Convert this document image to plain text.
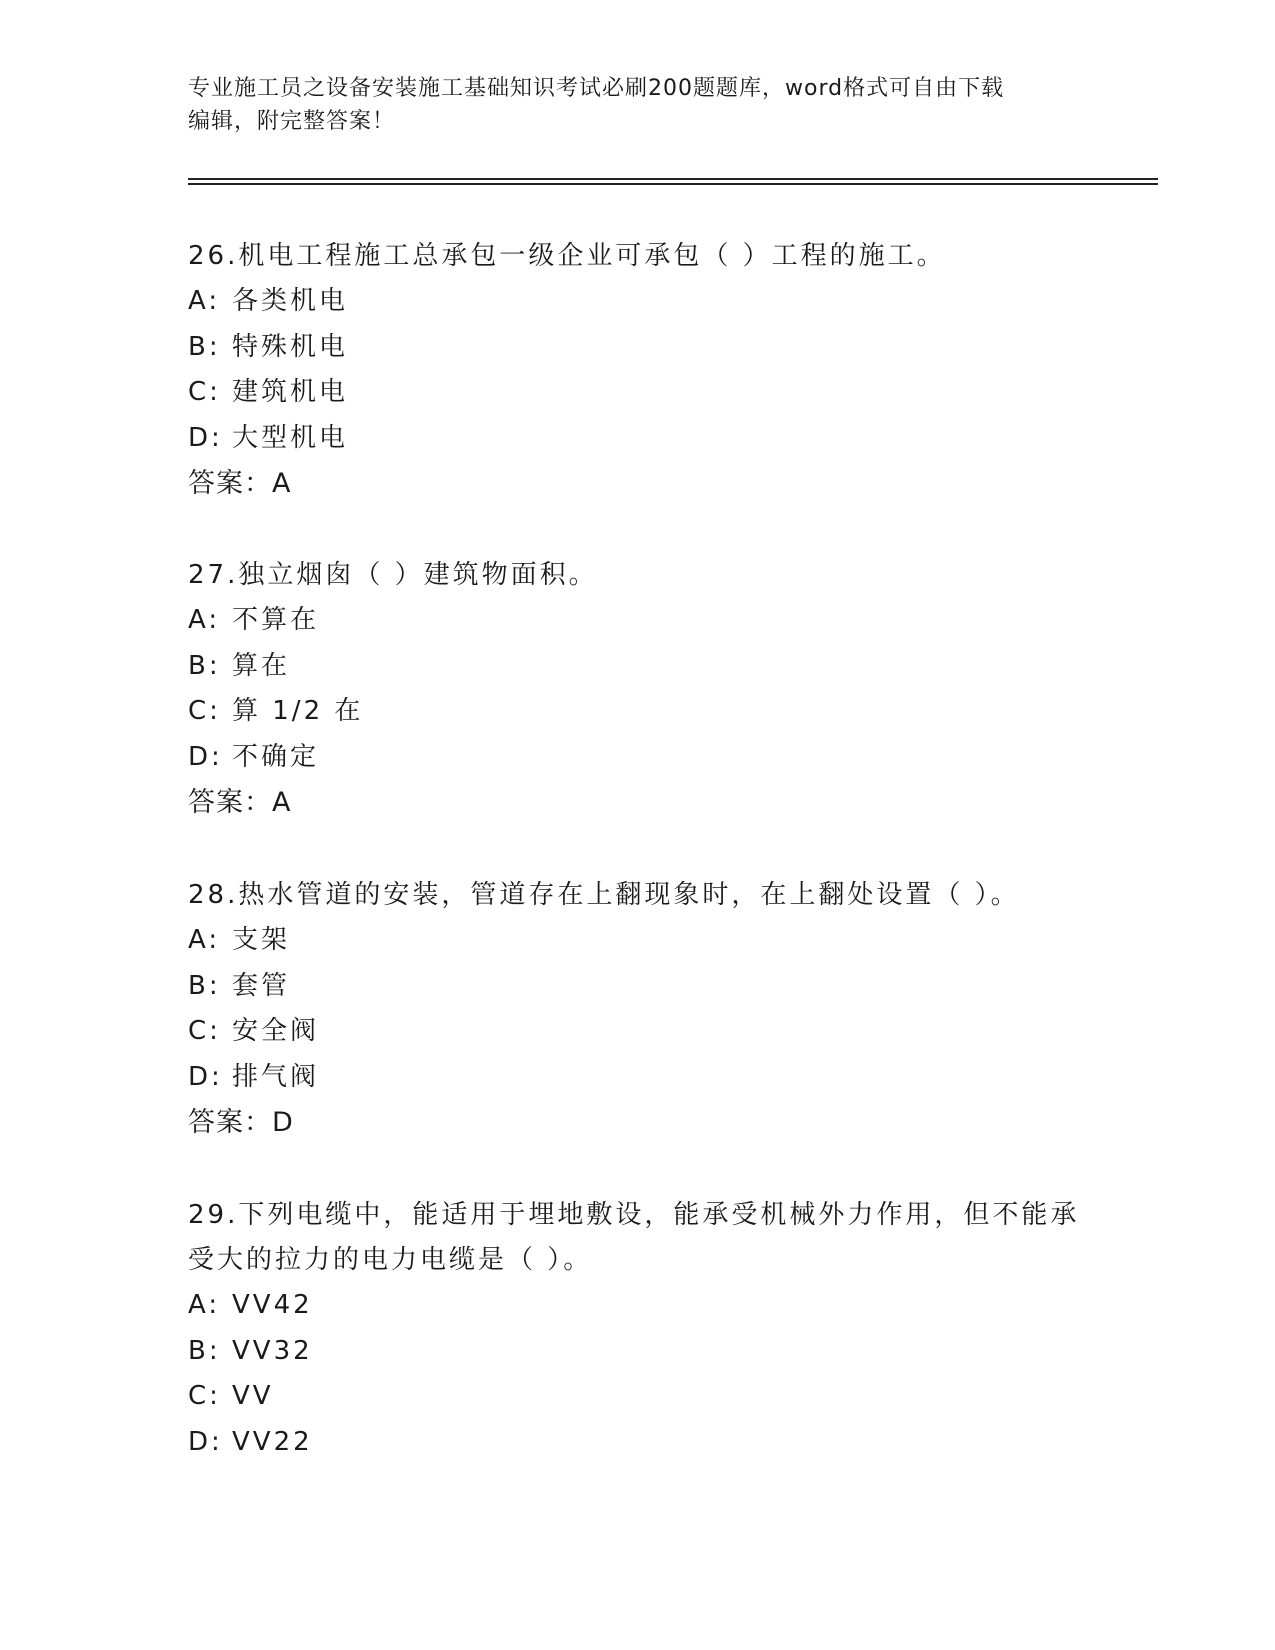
专业施工员之设备安装施工基础知识考试必刷200题题库，word格式可自由下载
编辑，附完整答案！
26.机电工程施工总承包一级企业可承包（ ）工程的施工。
A: 各类机电
B: 特殊机电
C: 建筑机电
D: 大型机电
答案：A
27.独立烟囱（ ）建筑物面积。
A: 不算在
B: 算在
C: 算 1/2 在
D: 不确定
答案：A
28.热水管道的安装，管道存在上翻现象时，在上翻处设置（ ）。
A: 支架
B: 套管
C: 安全阀
D: 排气阀
答案：D
29.下列电缆中，能适用于埋地敷设，能承受机械外力作用，但不能承
受大的拉力的电力电缆是（ ）。
A: VV42
B: VV32
C: VV
D: VV22
